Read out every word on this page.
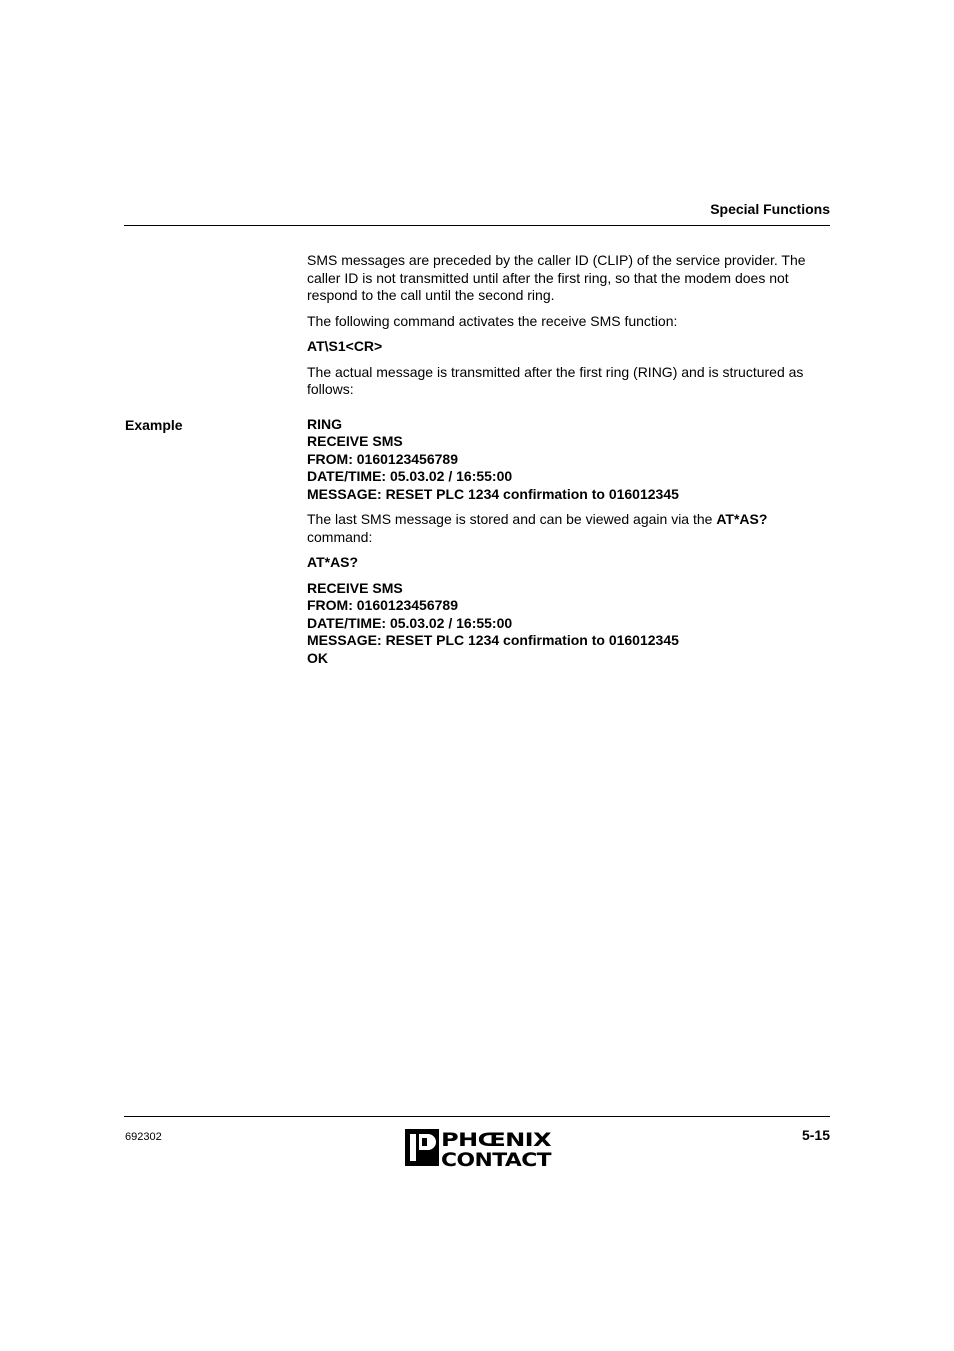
Special Functions

SMS messages are preceded by the caller ID (CLIP) of the service provider. The caller ID is not transmitted until after the first ring, so that the modem does not respond to the call until the second ring.

The following command activates the receive SMS function:

AT\S1<CR>

The actual message is transmitted after the first ring (RING) and is structured as follows:

RING
RECEIVE SMS
FROM: 0160123456789
DATE/TIME: 05.03.02 / 16:55:00
MESSAGE: RESET PLC 1234 confirmation to 016012345

The last SMS message is stored and can be viewed again via the AT*AS?
command:

AT*AS?
RECEIVE SMS
FROM: 0160123456789
DATE/TIME: 05.03.02 / 16:55:00
MESSAGE: RESET PLC 1234 confirmation to 016012345
OK
Example
692302	PHŒNIX
CONTACT
5-15
